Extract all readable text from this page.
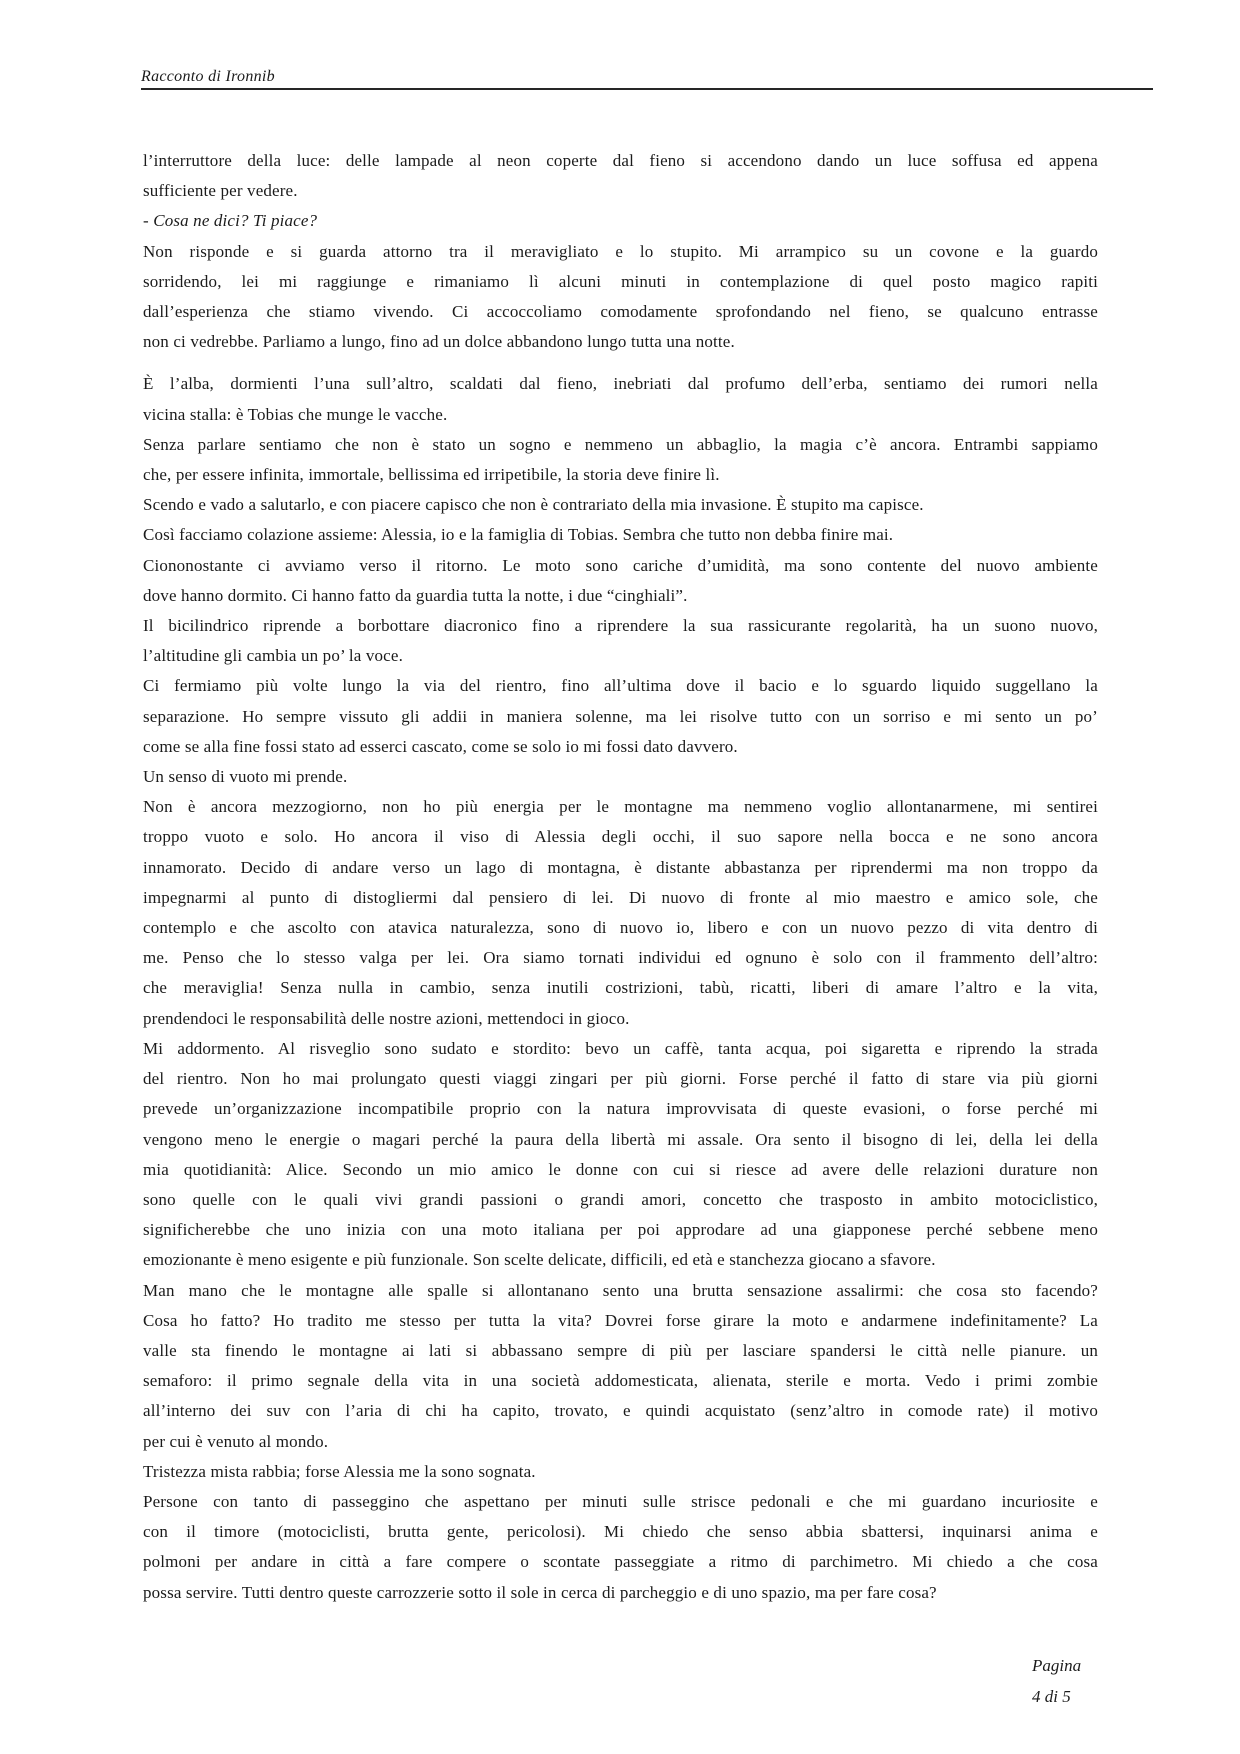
Racconto di Ironnib
l’interruttore della luce: delle lampade al neon coperte dal fieno si accendono dando un luce soffusa ed appena
sufficiente per vedere.
- Cosa ne dici? Ti piace?
Non risponde e si guarda attorno tra il meravigliato e lo stupito. Mi arrampico su un covone e la guardo
sorridendo, lei mi raggiunge e rimaniamo lì alcuni minuti in contemplazione di quel posto magico rapiti
dall’esperienza che stiamo vivendo. Ci accoccoliamo comodamente sprofondando nel fieno, se qualcuno entrasse
non ci vedrebbe. Parliamo a lungo, fino ad un dolce abbandono lungo tutta una notte.
È l’alba, dormienti l’una sull’altro, scaldati dal fieno, inebriati dal profumo dell’erba, sentiamo dei rumori nella
vicina stalla: è Tobias che munge le vacche.
Senza parlare sentiamo che non è stato un sogno e nemmeno un abbaglio, la magia c’è ancora. Entrambi sappiamo
che, per essere infinita, immortale, bellissima ed irripetibile, la storia deve finire lì.
Scendo e vado a salutarlo, e con piacere capisco che non è contrariato della mia invasione. È stupito ma capisce.
Così facciamo colazione assieme: Alessia, io e la famiglia di Tobias. Sembra che tutto non debba finire mai.
Ciononostante ci avviamo verso il ritorno. Le moto sono cariche d’umidità, ma sono contente del nuovo ambiente
dove hanno dormito. Ci hanno fatto da guardia tutta la notte, i due “cinghiali”.
Il bicilindrico riprende a borbottare diacronico fino a riprendere la sua rassicurante regolarità, ha un suono nuovo,
l’altitudine gli cambia un po’ la voce.
Ci fermiamo più volte lungo la via del rientro, fino all’ultima dove il bacio e lo sguardo liquido suggellano la
separazione. Ho sempre vissuto gli addii in maniera solenne, ma lei risolve tutto con un sorriso e mi sento un po’
come se alla fine fossi stato ad esserci cascato, come se solo io mi fossi dato davvero.
Un senso di vuoto mi prende.
Non è ancora mezzogiorno, non ho più energia per le montagne ma nemmeno voglio allontanarmene, mi sentirei
troppo vuoto e solo. Ho ancora il viso di Alessia degli occhi, il suo sapore nella bocca e ne sono ancora
innamorato. Decido di andare verso un lago di montagna, è distante abbastanza per riprendermi ma non troppo da
impegnarmi al punto di distogliermi dal pensiero di lei. Di nuovo di fronte al mio maestro e amico sole, che
contemplo e che ascolto con atavica naturalezza, sono di nuovo io, libero e con un nuovo pezzo di vita dentro di
me. Penso che lo stesso valga per lei. Ora siamo tornati individui ed ognuno è solo con il frammento dell’altro:
che meraviglia! Senza nulla in cambio, senza inutili costrizioni, tabù, ricatti, liberi di amare l’altro e la vita,
prendendoci le responsabilità delle nostre azioni, mettendoci in gioco.
Mi addormento. Al risveglio sono sudato e stordito: bevo un caffè, tanta acqua, poi sigaretta e riprendo la strada
del rientro. Non ho mai prolungato questi viaggi zingari per più giorni. Forse perché il fatto di stare via più giorni
prevede un’organizzazione incompatibile proprio con la natura improvvisata di queste evasioni, o forse perché mi
vengono meno le energie o magari perché la paura della libertà mi assale. Ora sento il bisogno di lei, della lei della
mia quotidianità: Alice. Secondo un mio amico le donne con cui si riesce ad avere delle relazioni durature non
sono quelle con le quali vivi grandi passioni o grandi amori, concetto che trasposto in ambito motociclistico,
significherebbe che uno inizia con una moto italiana per poi approdare ad una giapponese perché sebbene meno
emozionante è meno esigente e più funzionale. Son scelte delicate, difficili, ed età e stanchezza giocano a sfavore.
Man mano che le montagne alle spalle si allontanano sento una brutta sensazione assalirmi: che cosa sto facendo?
Cosa ho fatto? Ho tradito me stesso per tutta la vita? Dovrei forse girare la moto e andarmene indefinitamente? La
valle sta finendo le montagne ai lati si abbassano sempre di più per lasciare spandersi le città nelle pianure. un
semaforo: il primo segnale della vita in una società addomesticata, alienata, sterile e morta. Vedo i primi zombie
all’interno dei suv con l’aria di chi ha capito, trovato, e quindi acquistato (senz’altro in comode rate) il motivo
per cui è venuto al mondo.
Tristezza mista rabbia; forse Alessia me la sono sognata.
Persone con tanto di passeggino che aspettano per minuti sulle strisce pedonali e che mi guardano incuriosite e
con il timore (motociclisti, brutta gente, pericolosi). Mi chiedo che senso abbia sbattersi, inquinarsi anima e
polmoni per andare in città a fare compere o scontate passeggiate a ritmo di parchimetro. Mi chiedo a che cosa
possa servire. Tutti dentro queste carrozzerie sotto il sole in cerca di parcheggio e di uno spazio, ma per fare cosa?
Pagina
4 di 5
